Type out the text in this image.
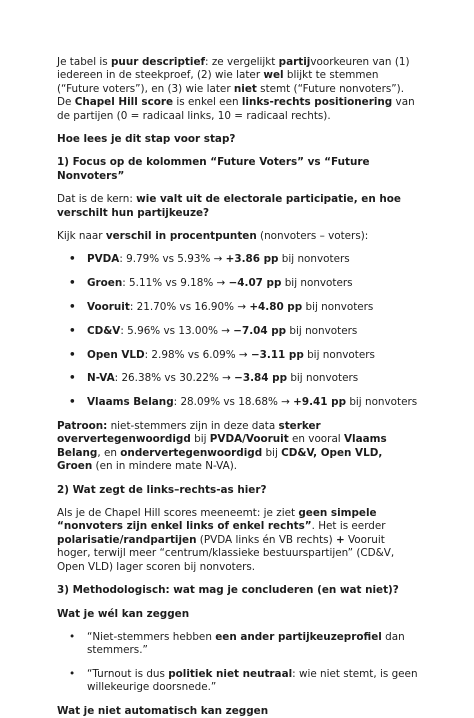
Je tabel is puur descriptief: ze vergelijkt partijvoorkeuren van (1) iedereen in de steekproef, (2) wie later wel blijkt te stemmen (“Future voters”), en (3) wie later niet stemt (“Future nonvoters”). De Chapel Hill score is enkel een links-rechts positionering van de partijen (0 = radicaal links, 10 = radicaal rechts).

Hoe lees je dit stap voor stap?
1) Focus op de kolommen “Future Voters” vs “Future Nonvoters”

Dat is de kern: wie valt uit de electorale participatie, en hoe verschilt hun partijkeuze?

Kijk naar verschil in procentpunten (nonvoters – voters):

• PVDA: 9.79% vs 5.93% → +3.86 pp bij nonvoters
• Groen: 5.11% vs 9.18% → −4.07 pp bij nonvoters
• Vooruit: 21.70% vs 16.90% → +4.80 pp bij nonvoters
• CD&V: 5.96% vs 13.00% → −7.04 pp bij nonvoters
• Open VLD: 2.98% vs 6.09% → −3.11 pp bij nonvoters
• N-VA: 26.38% vs 30.22% → −3.84 pp bij nonvoters
• Vlaams Belang: 28.09% vs 18.68% → +9.41 pp bij nonvoters

Patroon: niet-stemmers zijn in deze data sterker oververtegenwoordigd bij PVDA/Vooruit en vooral Vlaams Belang, en ondervertegenwoordigd bij CD&V, Open VLD, Groen (en in mindere mate N-VA).

2) Wat zegt de links–rechts-as hier?

Als je de Chapel Hill scores meeneemt: je ziet geen simpele “nonvoters zijn enkel links of enkel rechts”. Het is eerder polarisatie/randpartijen (PVDA links én VB rechts) + Vooruit hoger, terwijl meer “centrum/klassieke bestuurspartijen” (CD&V, Open VLD) lager scoren bij nonvoters.

3) Methodologisch: wat mag je concluderen (en wat niet)?
Wat je wél kan zeggen
• “Niet-stemmers hebben een ander partijkeuzeprofiel dan stemmers.”
• “Turnout is dus politiek niet neutraal: wie niet stemt, is geen willekeurige doorsnede.”
Wat je niet automatisch kan zeggen
